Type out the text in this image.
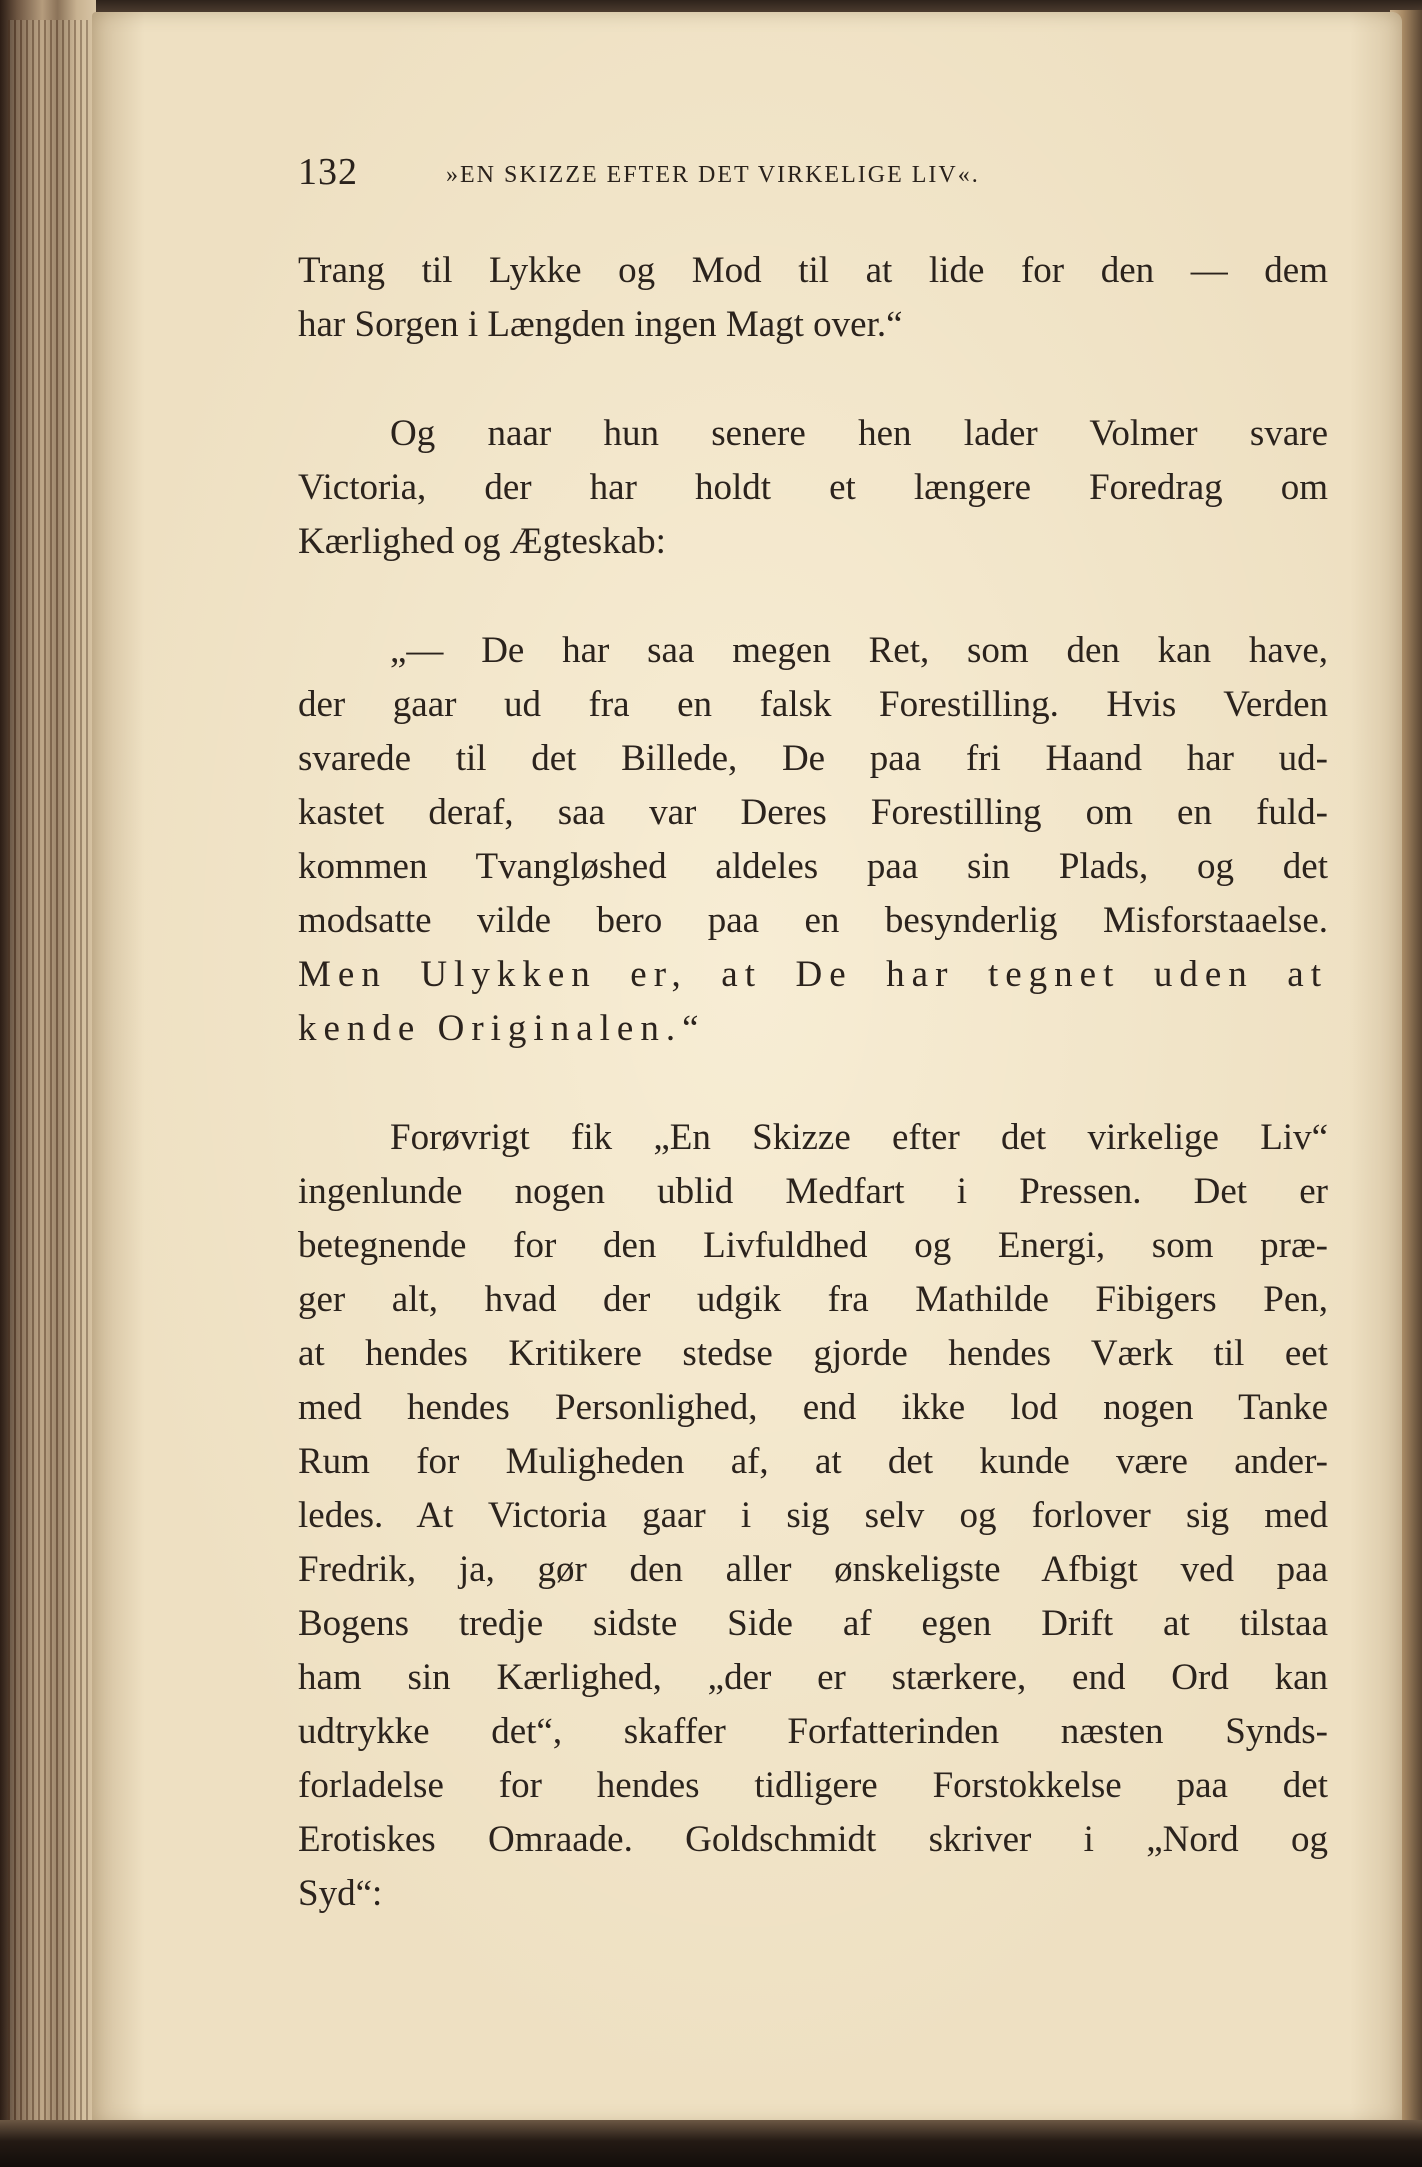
132	»EN SKIZZE EFTER DET VIRKELIGE LIV«.
Trang til Lykke og Mod til at lide for den — dem
har Sorgen i Længden ingen Magt over.“
Og naar hun senere hen lader Volmer svare
Victoria, der har holdt et længere Foredrag om
Kærlighed og Ægteskab:
„— De har saa megen Ret, som den kan have,
der gaar ud fra en falsk Forestilling. Hvis Verden
svarede til det Billede, De paa fri Haand har ud-
kastet deraf, saa var Deres Forestilling om en fuld-
kommen Tvangløshed aldeles paa sin Plads, og det
modsatte vilde bero paa en besynderlig Misforstaaelse.
Men Ulykken er, at De har tegnet uden at
kende Originalen.“
Forøvrigt fik „En Skizze efter det virkelige Liv“
ingenlunde nogen ublid Medfart i Pressen. Det er
betegnende for den Livfuldhed og Energi, som præ-
ger alt, hvad der udgik fra Mathilde Fibigers Pen,
at hendes Kritikere stedse gjorde hendes Værk til eet
med hendes Personlighed, end ikke lod nogen Tanke
Rum for Muligheden af, at det kunde være ander-
ledes. At Victoria gaar i sig selv og forlover sig med
Fredrik, ja, gør den aller ønskeligste Afbigt ved paa
Bogens tredje sidste Side af egen Drift at tilstaa
ham sin Kærlighed, „der er stærkere, end Ord kan
udtrykke det“, skaffer Forfatterinden næsten Synds-
forladelse for hendes tidligere Forstokkelse paa det
Erotiskes Omraade. Goldschmidt skriver i „Nord og
Syd“:
